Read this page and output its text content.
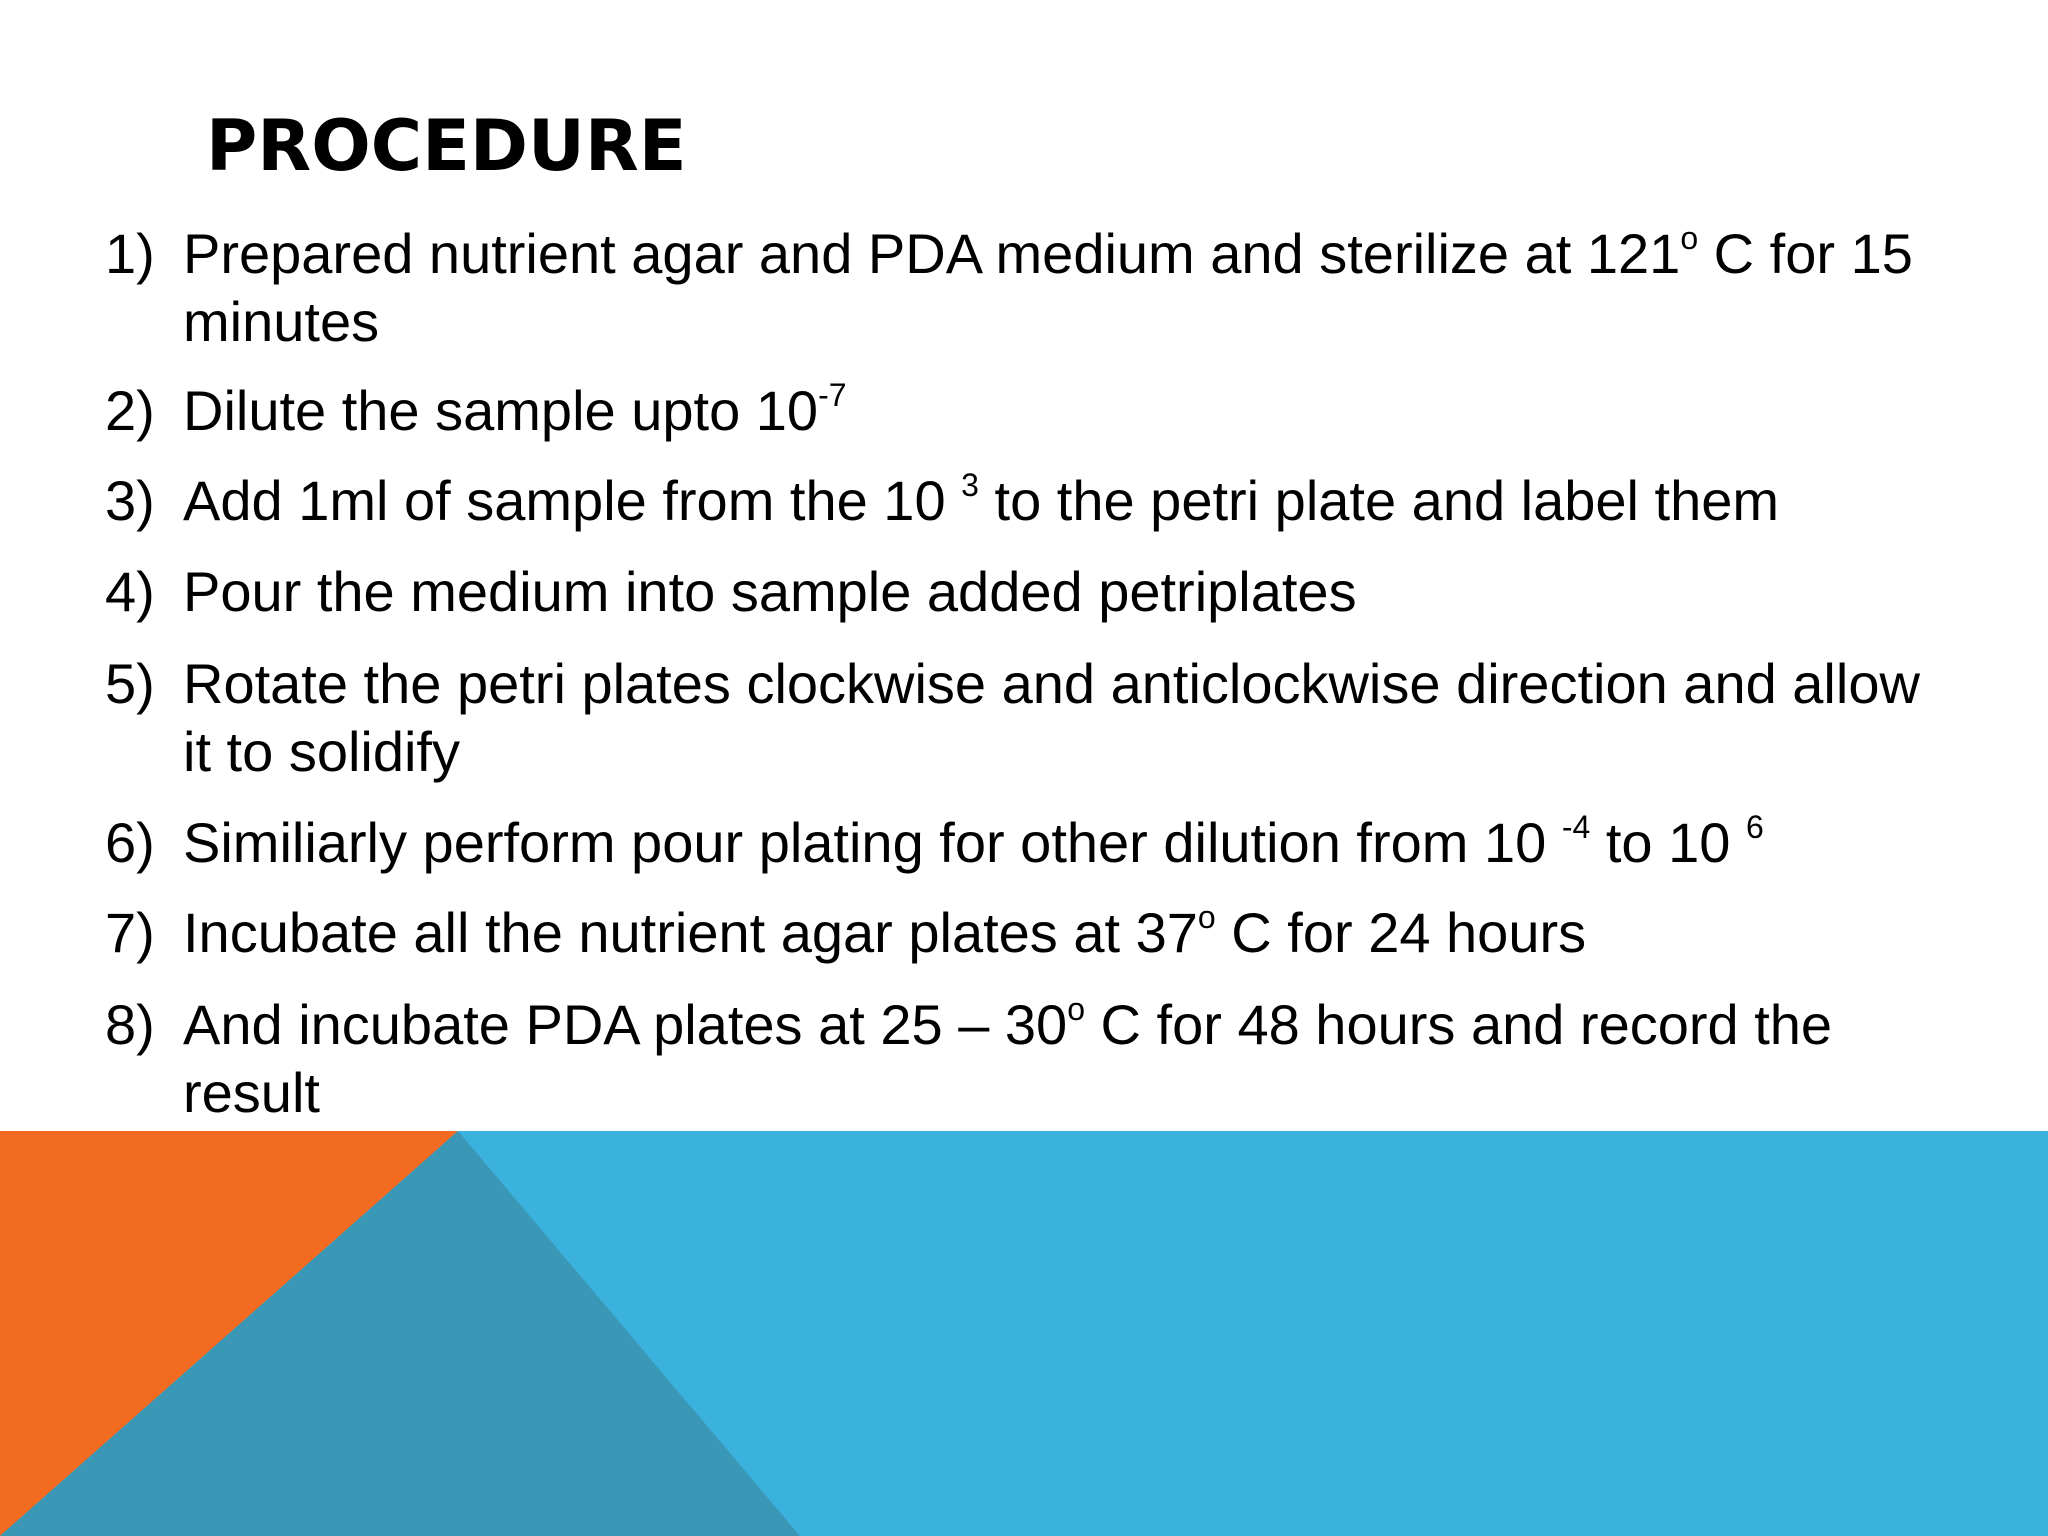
PROCEDURE
1) Prepared nutrient agar and PDA medium and sterilize at 121$^o$ C for 15
minutes
2) Dilute the sample upto $10^{-7}$
3) Add 1ml of sample from the 10 $^3$ to the petri plate and label them
4) Pour the medium into sample added petriplates
5) Rotate the petri plates clockwise and anticlockwise direction and allow
it to solidify
6) Similiarly perform pour plating for other dilution from 10 $^{-4}$ to 10 $^6$
7) Incubate all the nutrient agar plates at 37$^o$ C for 24 hours
8) And incubate PDA plates at 25 – 30$^o$ C for 48 hours and record the
result
